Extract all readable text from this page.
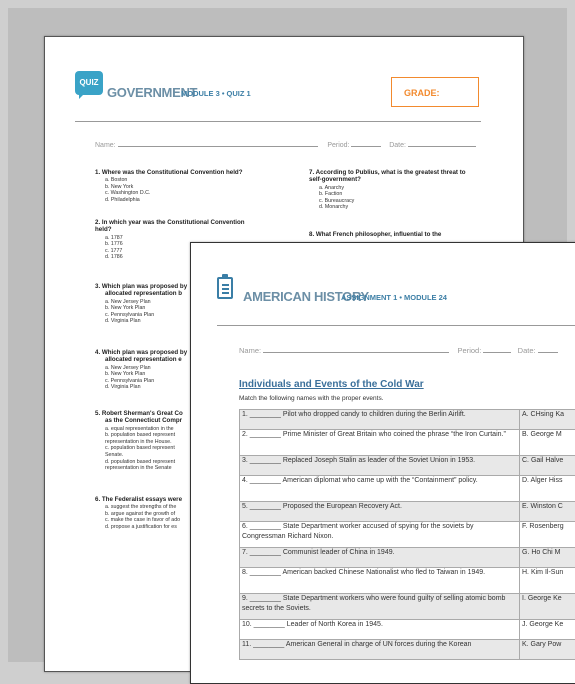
QUIZ
GOVERNMENT
MODULE 3 • QUIZ 1	GRADE:
Name:	Period:	Date:
1. Where was the Constitutional Convention held?
a. Boston
b. New York
c. Washington D.C.
d. Philadelphia
2. In which year was the Constitutional Convention held?
a. 1787
b. 1776
c. 1777
d. 1786
3. Which plan was proposed by
allocated representation b
a. New Jersey Plan
b. New York Plan
c. Pennsylvania Plan
d. Virginia Plan
4. Which plan was proposed by
allocated representation e
a. New Jersey Plan
b. New York Plan
c. Pennsylvania Plan
d. Virginia Plan
5. Robert Sherman's Great Co
as the Connecticut Compr
a. equal representation in the
b. population based represent
representation in the House.
c. population based represent
Senate.
d. population based represent
representation in the Senate
6. The Federalist essays were
a. suggest the strengths of the
b. argue against the growth of
c. make the case in favor of ado
d. propose a justification for es
7. According to Publius, what is the greatest threat to self-government?
a. Anarchy
b. Faction
c. Bureaucracy
d. Monarchy
8. What French philosopher, influential to the
AMERICAN HISTORY
ASSIGNMENT 1 • MODULE 24
Name:	Period:	Date:
Individuals and Events of the Cold War
Match the following names with the proper events.
1. ________ Pilot who dropped candy to children during the Berlin Airlift.	A. CHsing Ka
2. ________ Prime Minister of Great Britain who coined the phrase “the Iron Curtain.”	B. George M
3. ________ Replaced Joseph Stalin as leader of the Soviet Union in 1953.	C. Gail Halve
4. ________ American diplomat who came up with the “Containment” policy.	D. Alger Hiss
5. ________ Proposed the European Recovery Act.	E. Winston C
6. ________ State Department worker accused of spying for the soviets by Congressman Richard Nixon.	F. Rosenberg
7. ________ Communist leader of China in 1949.	G. Ho Chi M
8. ________ American backed Chinese Nationalist who fled to Taiwan in 1949.	H. Kim Il-Sun
9. ________ State Department workers who were found guilty of selling atomic bomb secrets to the Soviets.	I. George Ke
10. ________ Leader of North Korea in 1945.	J. George Ke
11. ________ American General in charge of UN forces during the Korean	K. Gary Pow
